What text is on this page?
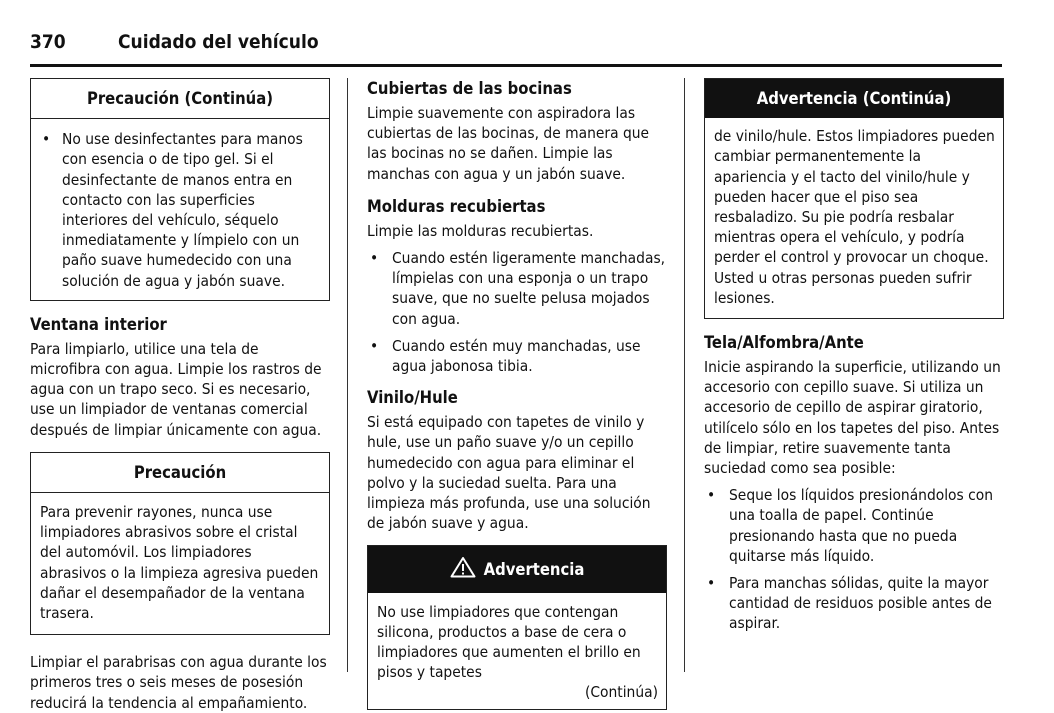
370	Cuidado del vehículo
Precaución (Continúa)
• No use desinfectantes para manos con esencia o de tipo gel. Si el desinfectante de manos entra en contacto con las superficies interiores del vehículo, séquelo inmediatamente y límpielo con un paño suave humedecido con una solución de agua y jabón suave.
Ventana interior

Para limpiarlo, utilice una tela de microfibra con agua. Limpie los rastros de agua con un trapo seco. Si es necesario, use un limpiador de ventanas comercial después de limpiar únicamente con agua.

Precaución

Para prevenir rayones, nunca use limpiadores abrasivos sobre el cristal del automóvil. Los limpiadores abrasivos o la limpieza agresiva pueden dañar el desempañador de la ventana trasera.

Limpiar el parabrisas con agua durante los primeros tres o seis meses de posesión reducirá la tendencia al empañamiento.

Cubiertas de las bocinas

Limpie suavemente con aspiradora las cubiertas de las bocinas, de manera que las bocinas no se dañen. Limpie las manchas con agua y un jabón suave.

Molduras recubiertas

Limpie las molduras recubiertas.

• Cuando estén ligeramente manchadas, límpielas con una esponja o un trapo suave, que no suelte pelusa mojados con agua.
• Cuando estén muy manchadas, use agua jabonosa tibia.
Vinilo/Hule

Si está equipado con tapetes de vinilo y hule, use un paño suave y/o un cepillo humedecido con agua para eliminar el polvo y la suciedad suelta. Para una limpieza más profunda, use una solución de jabón suave y agua.

Advertencia

No use limpiadores que contengan silicona, productos a base de cera o limpiadores que aumenten el brillo en pisos y tapetes

(Continúa)

Advertencia (Continúa)

de vinilo/hule. Estos limpiadores pueden cambiar permanentemente la apariencia y el tacto del vinilo/hule y pueden hacer que el piso sea resbaladizo. Su pie podría resbalar mientras opera el vehículo, y podría perder el control y provocar un choque. Usted u otras personas pueden sufrir lesiones.

Tela/Alfombra/Ante

Inicie aspirando la superficie, utilizando un accesorio con cepillo suave. Si utiliza un accesorio de cepillo de aspirar giratorio, utilícelo sólo en los tapetes del piso. Antes de limpiar, retire suavemente tanta suciedad como sea posible:

• Seque los líquidos presionándolos con una toalla de papel. Continúe presionando hasta que no pueda quitarse más líquido.
• Para manchas sólidas, quite la mayor cantidad de residuos posible antes de aspirar.
